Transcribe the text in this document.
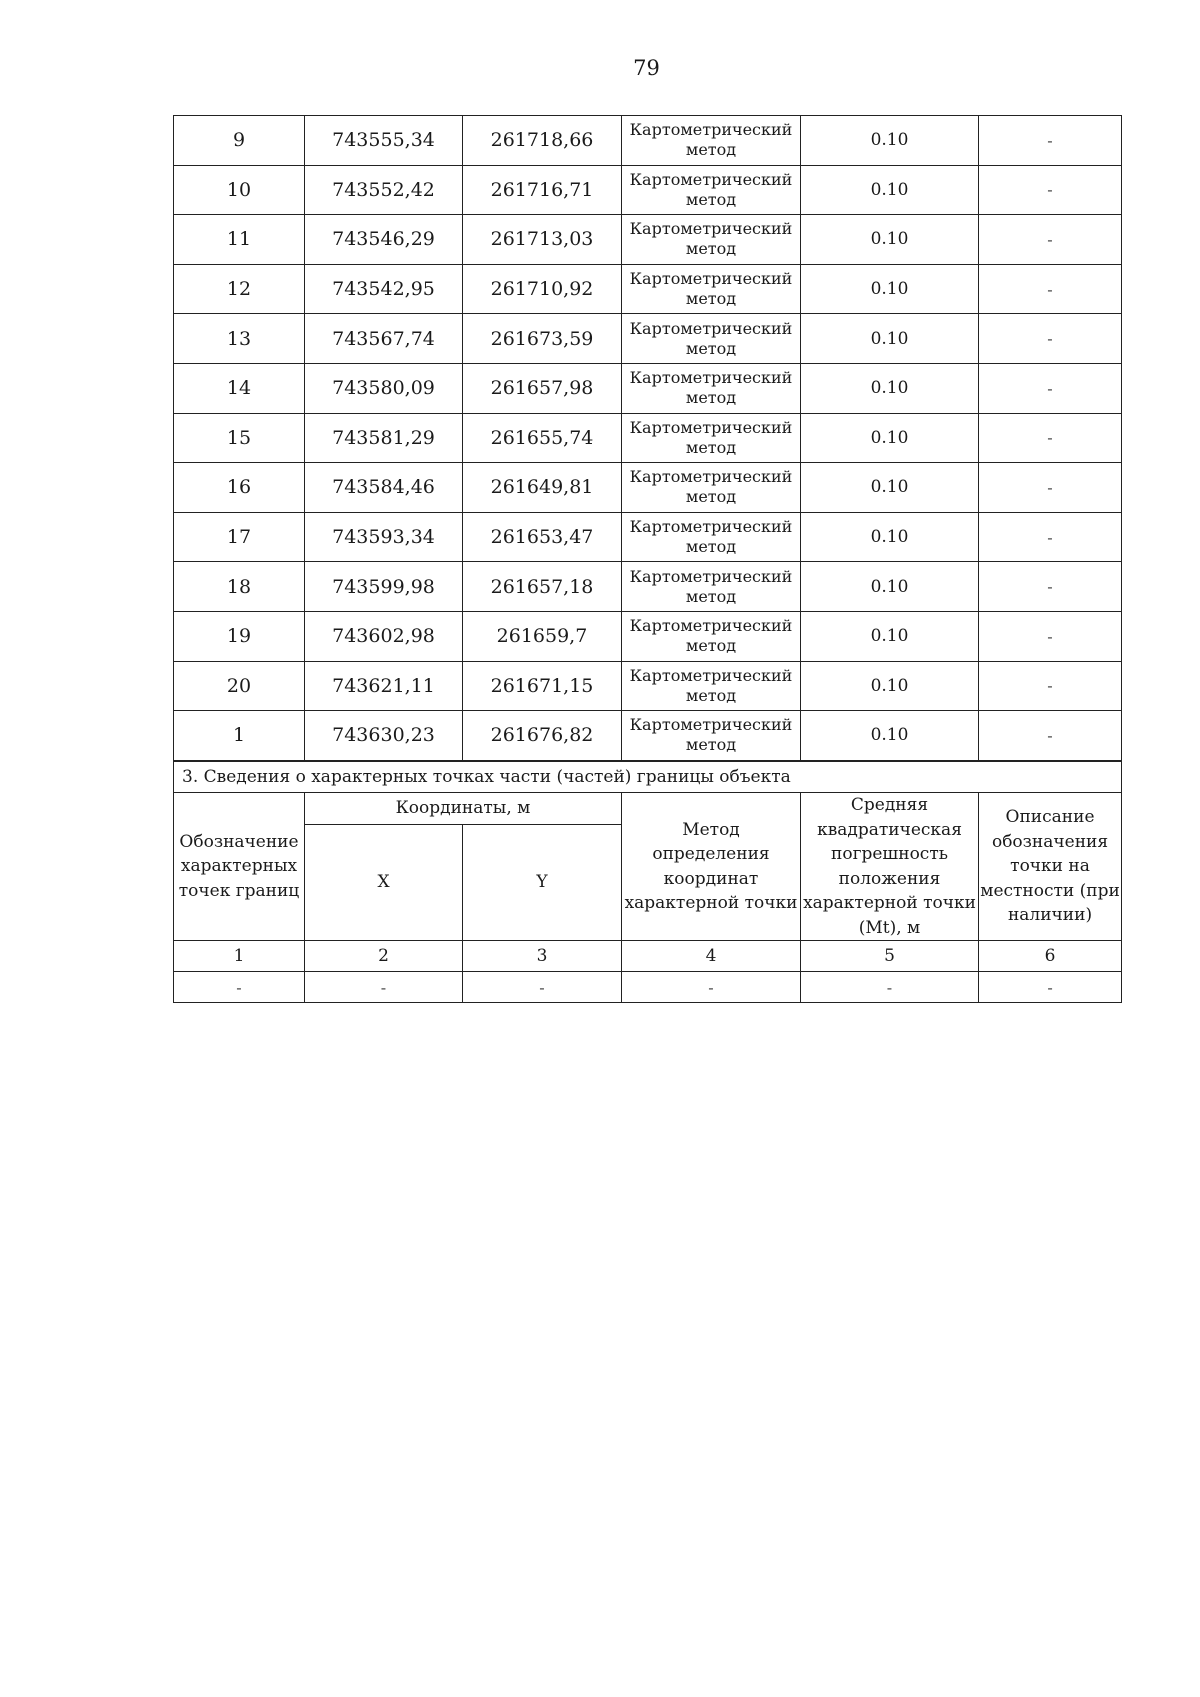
79
9	743555,34	261718,66	Картометрический метод	0.10	-
10	743552,42	261716,71	Картометрический метод	0.10	-
11	743546,29	261713,03	Картометрический метод	0.10	-
12	743542,95	261710,92	Картометрический метод	0.10	-
13	743567,74	261673,59	Картометрический метод	0.10	-
14	743580,09	261657,98	Картометрический метод	0.10	-
15	743581,29	261655,74	Картометрический метод	0.10	-
16	743584,46	261649,81	Картометрический метод	0.10	-
17	743593,34	261653,47	Картометрический метод	0.10	-
18	743599,98	261657,18	Картометрический метод	0.10	-
19	743602,98	261659,7	Картометрический метод	0.10	-
20	743621,11	261671,15	Картометрический метод	0.10	-
1	743630,23	261676,82	Картометрический метод	0.10	-
3. Сведения о характерных точках части (частей) границы объекта					
Обозначение характерных точек границ	Координаты, м		Метод определения координат характерной точки	Средняя квадратическая погрешность положения характерной точки (Mt), м	Описание обозначения точки на местности (при наличии)
	X	Y			
1	2	3	4	5	6
-	-	-	-	-	-
